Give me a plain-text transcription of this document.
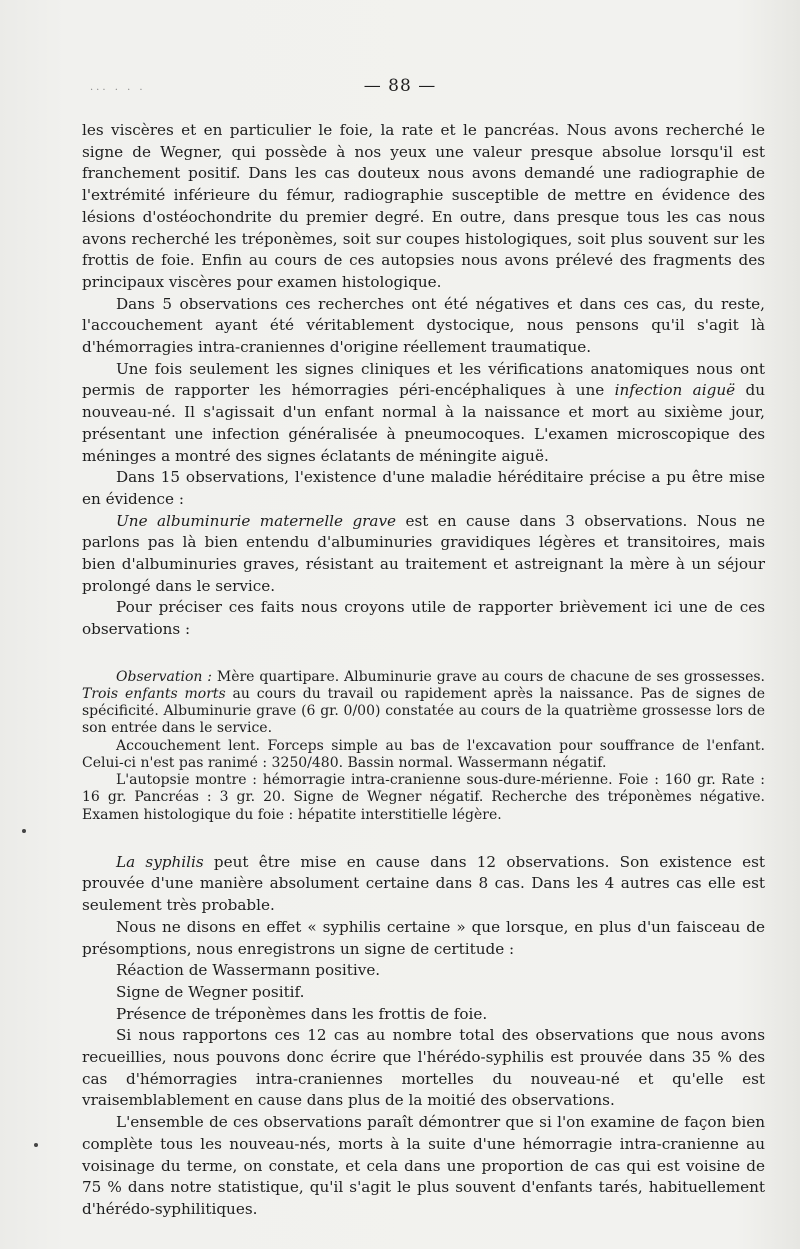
... . . .	— 88 —

les viscères et en particulier le foie, la rate et le pancréas. Nous avons recherché le signe de Wegner, qui possède à nos yeux une valeur presque absolue lorsqu'il est franchement positif. Dans les cas douteux nous avons demandé une radiographie de l'extrémité inférieure du fémur, radiographie susceptible de mettre en évidence des lésions d'ostéochondrite du premier degré. En outre, dans presque tous les cas nous avons recherché les tréponèmes, soit sur coupes histologiques, soit plus souvent sur les frottis de foie. Enfin au cours de ces autopsies nous avons prélevé des fragments des principaux viscères pour examen histologique.

Dans 5 observations ces recherches ont été négatives et dans ces cas, du reste, l'accouchement ayant été véritablement dystocique, nous pensons qu'il s'agit là d'hémorragies intra-craniennes d'origine réellement traumatique.

Une fois seulement les signes cliniques et les vérifications anatomiques nous ont permis de rapporter les hémorragies péri-encéphaliques à une infection aiguë du nouveau-né. Il s'agissait d'un enfant normal à la naissance et mort au sixième jour, présentant une infection généralisée à pneumocoques. L'examen microscopique des méninges a montré des signes éclatants de méningite aiguë.

Dans 15 observations, l'existence d'une maladie héréditaire précise a pu être mise en évidence :

Une albuminurie maternelle grave est en cause dans 3 observations. Nous ne parlons pas là bien entendu d'albuminuries gravidiques légères et transitoires, mais bien d'albuminuries graves, résistant au traitement et astreignant la mère à un séjour prolongé dans le service.

Pour préciser ces faits nous croyons utile de rapporter brièvement ici une de ces observations :

Observation : Mère quartipare. Albuminurie grave au cours de chacune de ses grossesses. Trois enfants morts au cours du travail ou rapidement après la naissance. Pas de signes de spécificité. Albuminurie grave (6 gr. 0/00) constatée au cours de la quatrième grossesse lors de son entrée dans le service.

Accouchement lent. Forceps simple au bas de l'excavation pour souffrance de l'enfant. Celui-ci n'est pas ranimé : 3250/480. Bassin normal. Wassermann négatif.

L'autopsie montre : hémorragie intra-cranienne sous-dure-mérienne. Foie : 160 gr. Rate : 16 gr. Pancréas : 3 gr. 20. Signe de Wegner négatif. Recherche des tréponèmes négative. Examen histologique du foie : hépatite interstitielle légère.

La syphilis peut être mise en cause dans 12 observations. Son existence est prouvée d'une manière absolument certaine dans 8 cas. Dans les 4 autres cas elle est seulement très probable.

Nous ne disons en effet « syphilis certaine » que lorsque, en plus d'un faisceau de présomptions, nous enregistrons un signe de certitude :

Réaction de Wassermann positive.

Signe de Wegner positif.

Présence de tréponèmes dans les frottis de foie.

Si nous rapportons ces 12 cas au nombre total des observations que nous avons recueillies, nous pouvons donc écrire que l'hérédo-syphilis est prouvée dans 35 % des cas d'hémorragies intra-craniennes mortelles du nouveau-né et qu'elle est vraisemblablement en cause dans plus de la moitié des observations.

L'ensemble de ces observations paraît démontrer que si l'on examine de façon bien complète tous les nouveau-nés, morts à la suite d'une hémorragie intra-cranienne au voisinage du terme, on constate, et cela dans une proportion de cas qui est voisine de 75 % dans notre statistique, qu'il s'agit le plus souvent d'enfants tarés, habituellement d'hérédo-syphilitiques.
